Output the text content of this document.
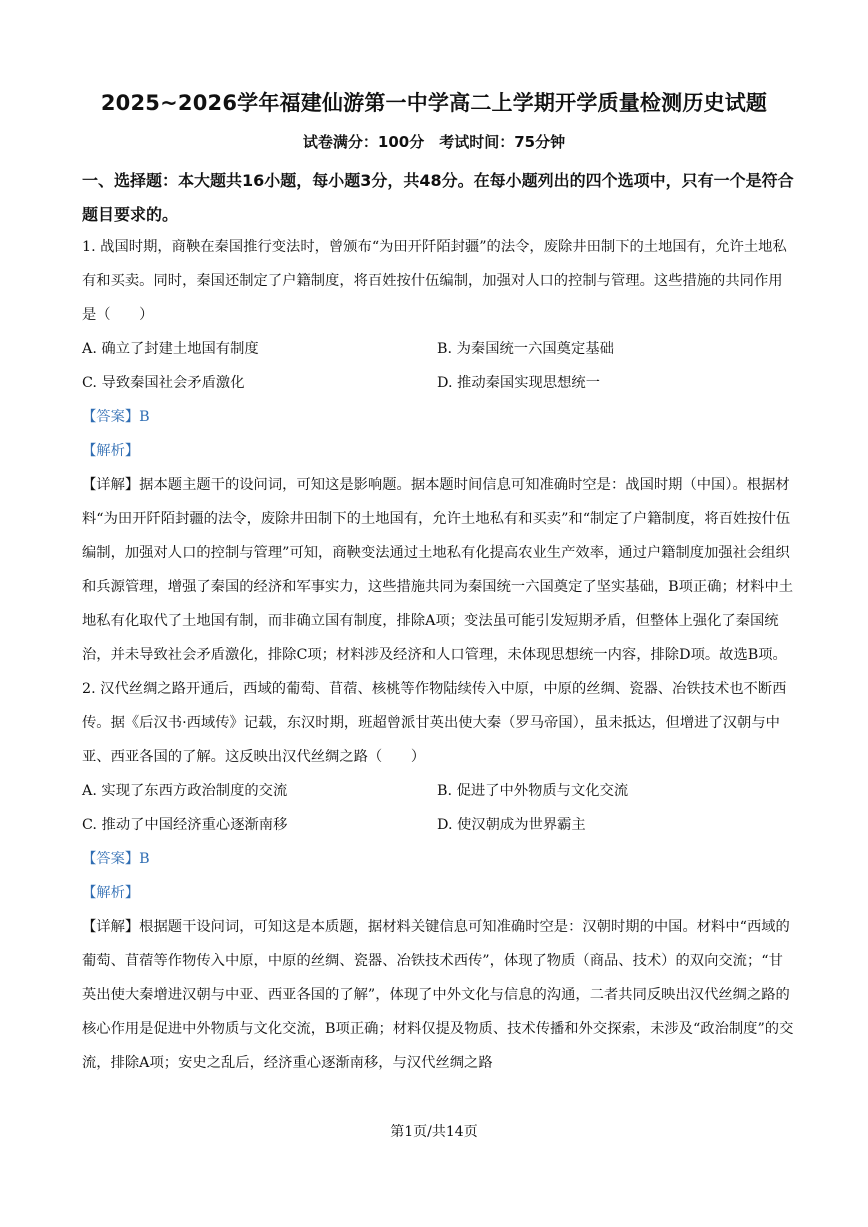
2025~2026学年福建仙游第一中学高二上学期开学质量检测历史试题
试卷满分：100分　考试时间：75分钟
一、选择题：本大题共16小题，每小题3分，共48分。在每小题列出的四个选项中，只有一个是符合题目要求的。

1. 战国时期，商鞅在秦国推行变法时，曾颁布“为田开阡陌封疆”的法令，废除井田制下的土地国有，允许土地私有和买卖。同时，秦国还制定了户籍制度，将百姓按什伍编制，加强对人口的控制与管理。这些措施的共同作用是（　　）

A. 确立了封建土地国有制度	B. 为秦国统一六国奠定基础

C. 导致秦国社会矛盾激化	D. 推动秦国实现思想统一

【答案】B

【解析】

【详解】据本题主题干的设问词，可知这是影响题。据本题时间信息可知准确时空是：战国时期（中国）。根据材料“为田开阡陌封疆的法令，废除井田制下的土地国有，允许土地私有和买卖”和“制定了户籍制度，将百姓按什伍编制，加强对人口的控制与管理”可知，商鞅变法通过土地私有化提高农业生产效率，通过户籍制度加强社会组织和兵源管理，增强了秦国的经济和军事实力，这些措施共同为秦国统一六国奠定了坚实基础，B项正确；材料中土地私有化取代了土地国有制，而非确立国有制度，排除A项；变法虽可能引发短期矛盾，但整体上强化了秦国统治，并未导致社会矛盾激化，排除C项；材料涉及经济和人口管理，未体现思想统一内容，排除D项。故选B项。

2. 汉代丝绸之路开通后，西域的葡萄、苜蓿、核桃等作物陆续传入中原，中原的丝绸、瓷器、冶铁技术也不断西传。据《后汉书·西域传》记载，东汉时期，班超曾派甘英出使大秦（罗马帝国），虽未抵达，但增进了汉朝与中亚、西亚各国的了解。这反映出汉代丝绸之路（　　）

A. 实现了东西方政治制度的交流	B. 促进了中外物质与文化交流

C. 推动了中国经济重心逐渐南移	D. 使汉朝成为世界霸主

【答案】B

【解析】

【详解】根据题干设问词，可知这是本质题，据材料关键信息可知准确时空是：汉朝时期的中国。材料中“西域的葡萄、苜蓿等作物传入中原，中原的丝绸、瓷器、冶铁技术西传”，体现了物质（商品、技术）的双向交流；“甘英出使大秦增进汉朝与中亚、西亚各国的了解”，体现了中外文化与信息的沟通，二者共同反映出汉代丝绸之路的核心作用是促进中外物质与文化交流，B项正确；材料仅提及物质、技术传播和外交探索，未涉及“政治制度”的交流，排除A项；安史之乱后，经济重心逐渐南移，与汉代丝绸之路

第1页/共14页
